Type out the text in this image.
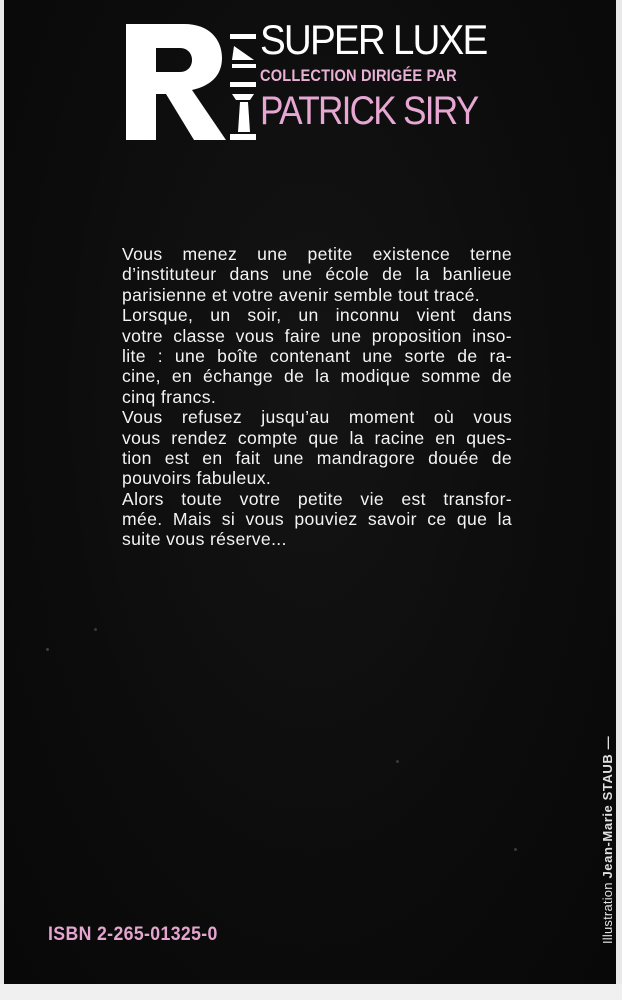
SUPER LUXE
COLLECTION DIRIGÉE PAR
PATRICK SIRY
Vous menez une petite existence terne
d’instituteur dans une école de la banlieue
parisienne et votre avenir semble tout tracé.
Lorsque, un soir, un inconnu vient dans
votre classe vous faire une proposition inso-
lite : une boîte contenant une sorte de ra-
cine, en échange de la modique somme de
cinq francs.
Vous refusez jusqu’au moment où vous
vous rendez compte que la racine en ques-
tion est en fait une mandragore douée de
pouvoirs fabuleux.
Alors toute votre petite vie est transfor-
mée. Mais si vous pouviez savoir ce que la
suite vous réserve...
ISBN 2-265-01325-0	Illustration Jean-Marie STAUB —
